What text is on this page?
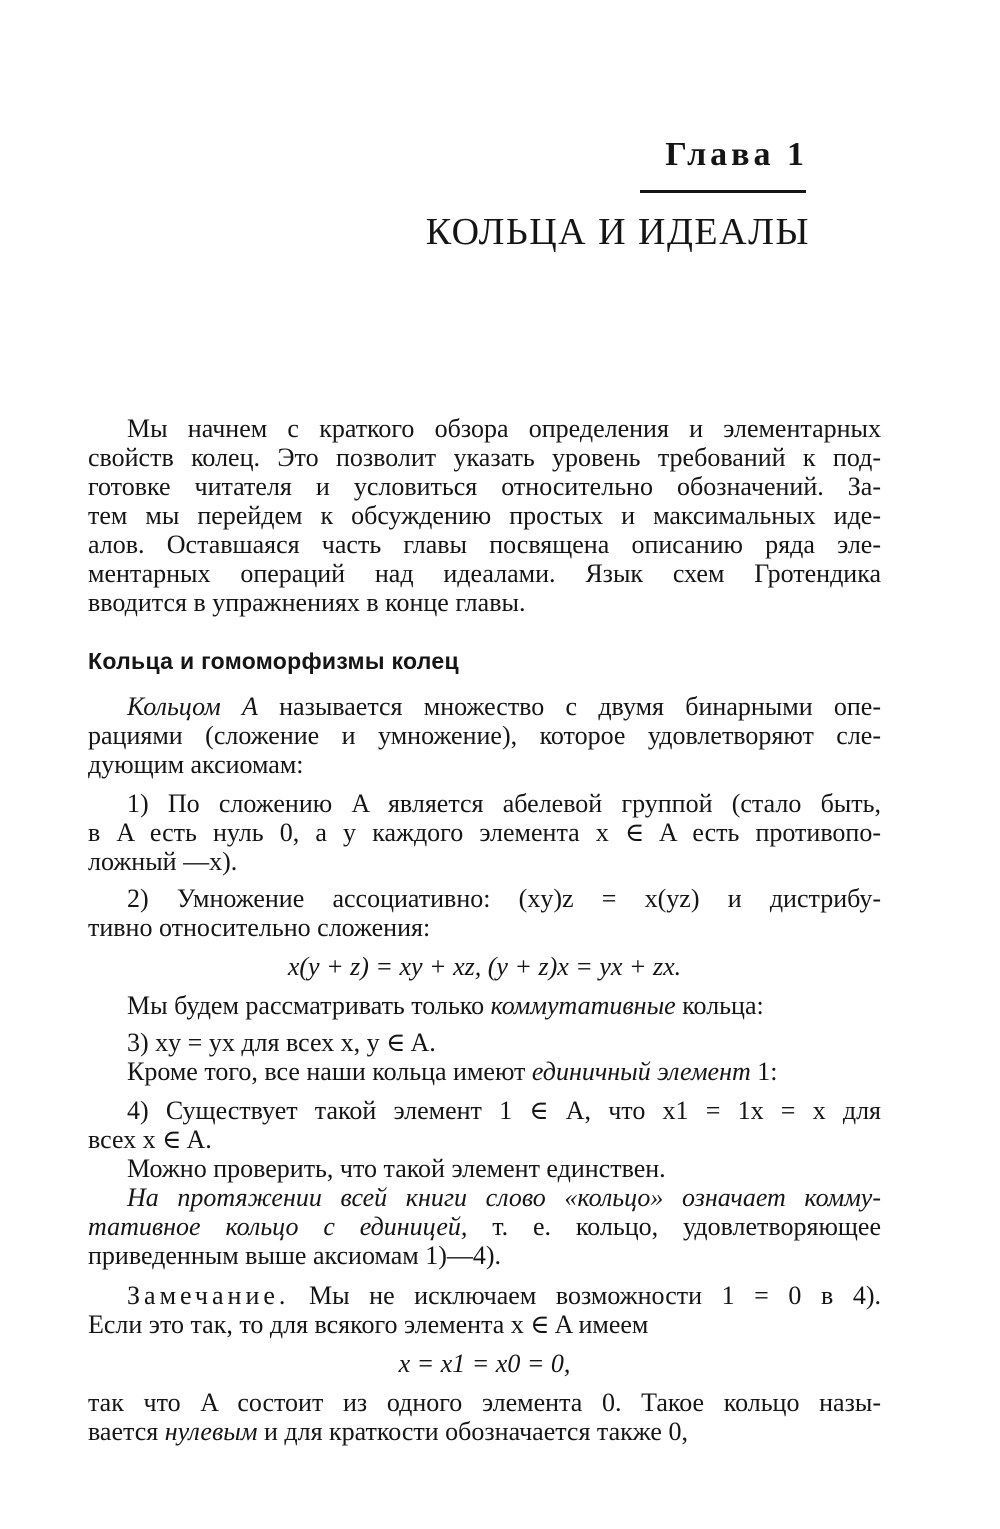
Глава 1
КОЛЬЦА И ИДЕАЛЫ
Мы начнем с краткого обзора определения и элементарных
свойств колец. Это позволит указать уровень требований к под-
готовке читателя и условиться относительно обозначений. За-
тем мы перейдем к обсуждению простых и максимальных иде-
алов. Оставшаяся часть главы посвящена описанию ряда эле-
ментарных операций над идеалами. Язык схем Гротендика
вводится в упражнениях в конце главы.
Кольца и гомоморфизмы колец
Кольцом A называется множество с двумя бинарными опе-
рациями (сложение и умножение), которое удовлетворяют сле-
дующим аксиомам:
1) По сложению A является абелевой группой (стало быть,
в A есть нуль 0, а у каждого элемента x ∈ A есть противопо-
ложный —x).
2) Умножение ассоциативно: (xy)z = x(yz) и дистрибу-
тивно относительно сложения:
x(y + z) = xy + xz, (y + z)x = yx + zx.
Мы будем рассматривать только коммутативные кольца:
3) xy = yx для всех x, y ∈ A.
Кроме того, все наши кольца имеют единичный элемент 1:
4) Существует такой элемент 1 ∈ A, что x1 = 1x = x для
всех x ∈ A.
Можно проверить, что такой элемент единствен.
На протяжении всей книги слово «кольцо» означает комму-
тативное кольцо с единицей, т. е. кольцо, удовлетворяющее
приведенным выше аксиомам 1)—4).
Замечание. Мы не исключаем возможности 1 = 0 в 4).
Если это так, то для всякого элемента x ∈ A имеем
x = x1 = x0 = 0,
так что A состоит из одного элемента 0. Такое кольцо назы-
вается нулевым и для краткости обозначается также 0,
